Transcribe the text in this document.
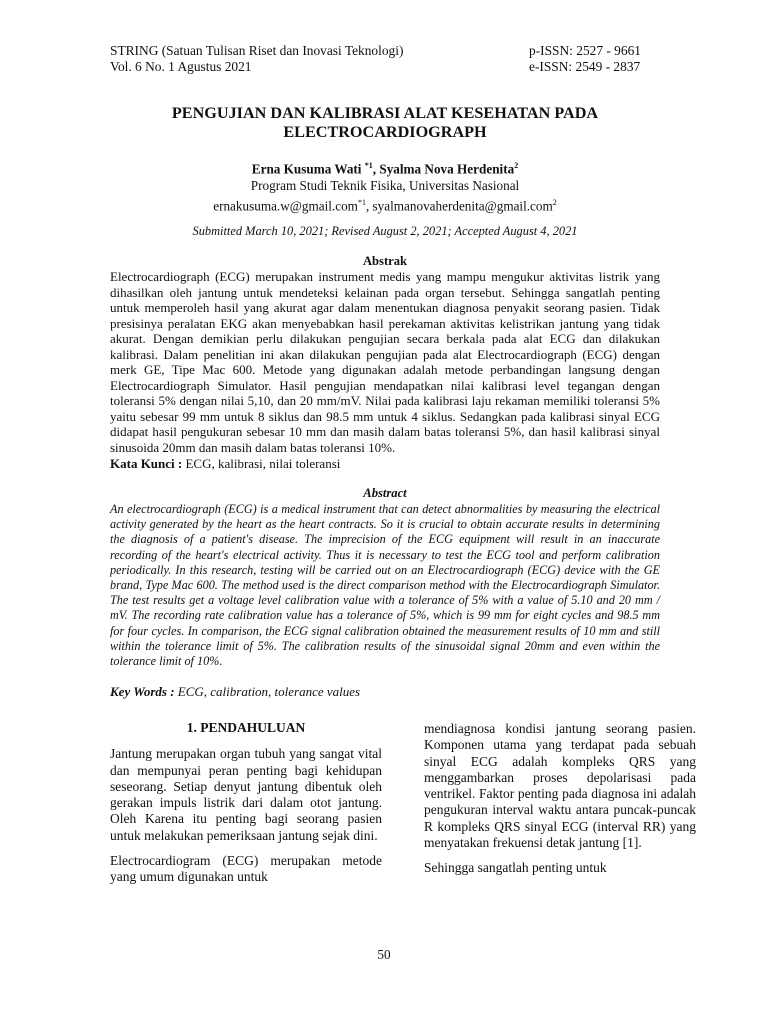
STRING (Satuan Tulisan Riset dan Inovasi Teknologi)	p-ISSN: 2527 - 9661
Vol. 6 No. 1 Agustus 2021	e-ISSN: 2549 - 2837
PENGUJIAN DAN KALIBRASI ALAT KESEHATAN PADA
ELECTROCARDIOGRAPH
Erna Kusuma Wati $^{*1}$, Syalma Nova Herdenita$^2$
Program Studi Teknik Fisika, Universitas Nasional
ernakusuma.w@gmail.com$^{*1}$, syalmanovaherdenita@gmail.com$^2$
Submitted March 10, 2021; Revised August 2, 2021; Accepted August 4, 2021
Abstrak
Electrocardiograph (ECG) merupakan instrument medis yang mampu mengukur aktivitas listrik yang dihasilkan oleh jantung untuk mendeteksi kelainan pada organ tersebut. Sehingga sangatlah penting untuk memperoleh hasil yang akurat agar dalam menentukan diagnosa penyakit seorang pasien. Tidak presisinya peralatan EKG akan menyebabkan hasil perekaman aktivitas kelistrikan jantung yang tidak akurat. Dengan demikian perlu dilakukan pengujian secara berkala pada alat ECG dan dilakukan kalibrasi. Dalam penelitian ini akan dilakukan pengujian pada alat Electrocardiograph (ECG) dengan merk GE, Tipe Mac 600. Metode yang digunakan adalah metode perbandingan langsung dengan Electrocardiograph Simulator. Hasil pengujian mendapatkan nilai kalibrasi level tegangan dengan toleransi 5% dengan nilai 5,10, dan 20 mm/mV. Nilai pada kalibrasi laju rekaman memiliki toleransi 5% yaitu sebesar 99 mm untuk 8 siklus dan 98.5 mm untuk 4 siklus. Sedangkan pada kalibrasi sinyal ECG didapat hasil pengukuran sebesar 10 mm dan masih dalam batas toleransi 5%, dan hasil kalibrasi sinyal sinusoida 20mm dan masih dalam batas toleransi 10%.
Kata Kunci : ECG, kalibrasi, nilai toleransi
Abstract
An electrocardiograph (ECG) is a medical instrument that can detect abnormalities by measuring the electrical activity generated by the heart as the heart contracts. So it is crucial to obtain accurate results in determining the diagnosis of a patient's disease. The imprecision of the ECG equipment will result in an inaccurate recording of the heart's electrical activity. Thus it is necessary to test the ECG tool and perform calibration periodically. In this research, testing will be carried out on an Electrocardiograph (ECG) device with the GE brand, Type Mac 600. The method used is the direct comparison method with the Electrocardiograph Simulator. The test results get a voltage level calibration value with a tolerance of 5% with a value of 5.10 and 20 mm / mV. The recording rate calibration value has a tolerance of 5%, which is 99 mm for eight cycles and 98.5 mm for four cycles. In comparison, the ECG signal calibration obtained the measurement results of 10 mm and still within the tolerance limit of 5%. The calibration results of the sinusoidal signal 20mm and even within the tolerance limit of 10%.
Key Words : ECG, calibration, tolerance values
1. PENDAHULUAN

Jantung merupakan organ tubuh yang sangat vital dan mempunyai peran penting bagi kehidupan seseorang. Setiap denyut jantung dibentuk oleh gerakan impuls listrik dari dalam otot jantung. Oleh Karena itu penting bagi seorang pasien untuk melakukan pemeriksaan jantung sejak dini.

Electrocardiogram (ECG) merupakan metode yang umum digunakan untuk

mendiagnosa kondisi jantung seorang pasien. Komponen utama yang terdapat pada sebuah sinyal ECG adalah kompleks QRS yang menggambarkan proses depolarisasi pada ventrikel. Faktor penting pada diagnosa ini adalah pengukuran interval waktu antara puncak-puncak R kompleks QRS sinyal ECG (interval RR) yang menyatakan frekuensi detak jantung [1].

Sehingga sangatlah penting untuk

50
